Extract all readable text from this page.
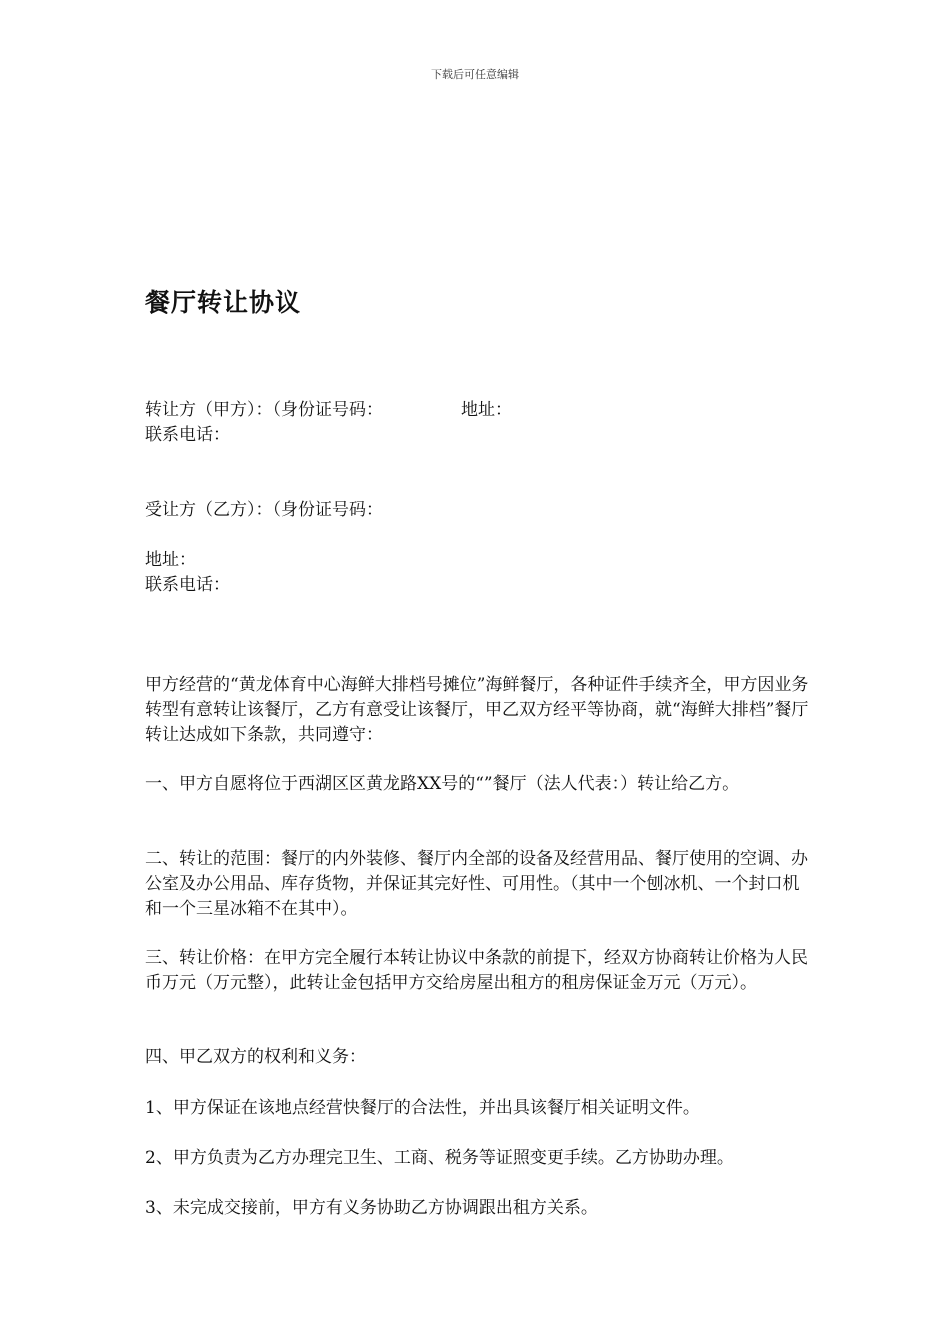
下载后可任意编辑
餐厅转让协议
转让方（甲方）：（身份证号码：	地址：
联系电话：
受让方（乙方）：（身份证号码：
地址：
联系电话：

甲方经营的“黄龙体育中心海鲜大排档号摊位”海鲜餐厅，各种证件手续齐全，甲方因业务转型有意转让该餐厅，乙方有意受让该餐厅，甲乙双方经平等协商，就“海鲜大排档”餐厅转让达成如下条款，共同遵守：

一、甲方自愿将位于西湖区区黄龙路XX号的“”餐厅（法人代表：）转让给乙方。

二、转让的范围：餐厅的内外装修、餐厅内全部的设备及经营用品、餐厅使用的空调、办公室及办公用品、库存货物，并保证其完好性、可用性。（其中一个刨冰机、一个封口机和一个三星冰箱不在其中）。

三、转让价格：在甲方完全履行本转让协议中条款的前提下，经双方协商转让价格为人民币万元（万元整），此转让金包括甲方交给房屋出租方的租房保证金万元（万元）。

四、甲乙双方的权利和义务：

1、甲方保证在该地点经营快餐厅的合法性，并出具该餐厅相关证明文件。

2、甲方负责为乙方办理完卫生、工商、税务等证照变更手续。乙方协助办理。

3、未完成交接前，甲方有义务协助乙方协调跟出租方关系。
